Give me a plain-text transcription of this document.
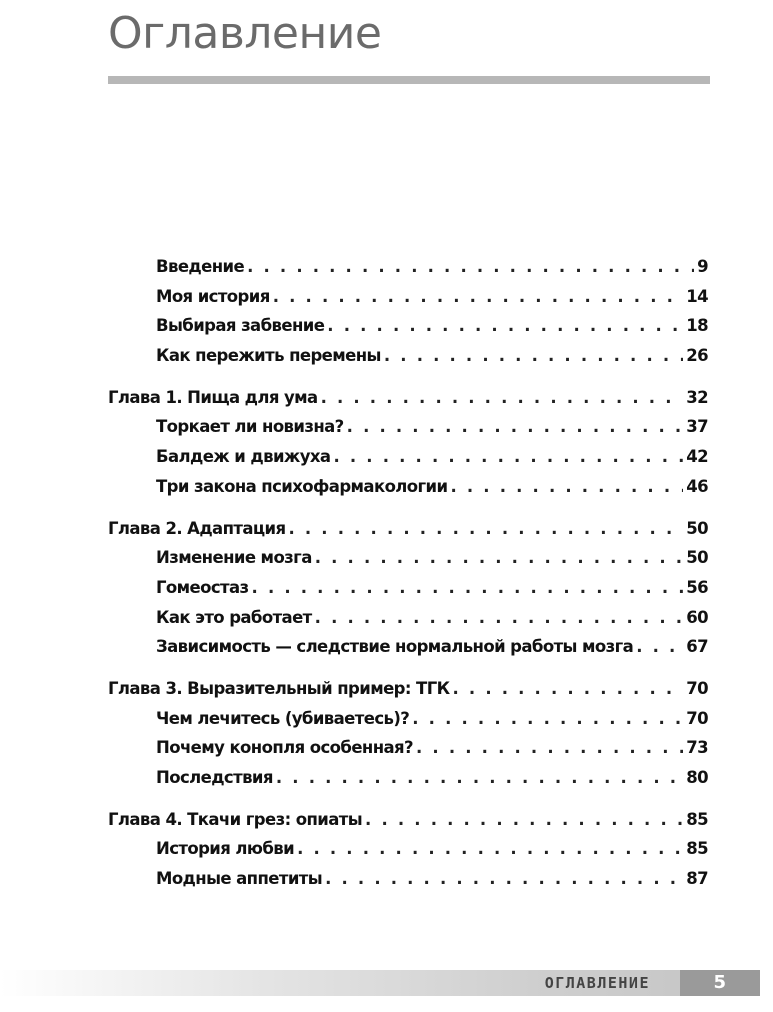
Оглавление
Введение . . .	9
Моя история . . .	14
Выбирая забвение . . .	18
Как пережить перемены . . .	26
Глава 1. Пища для ума . . .	32
Торкает ли новизна? . . .	37
Балдеж и движуха . . .	42
Три закона психофармакологии . . .	46
Глава 2. Адаптация . . .	50
Изменение мозга . . .	50
Гомеостаз . . .	56
Как это работает . . .	60
Зависимость — следствие нормальной работы мозга . . .	67
Глава 3. Выразительный пример: ТГК . . .	70
Чем лечитесь (убиваетесь)? . . .	70
Почему конопля особенная? . . .	73
Последствия . . .	80
Глава 4. Ткачи грез: опиаты . . .	85
История любви . . .	85
Модные аппетиты . . .	87
ОГЛАВЛЕНИЕ	5
